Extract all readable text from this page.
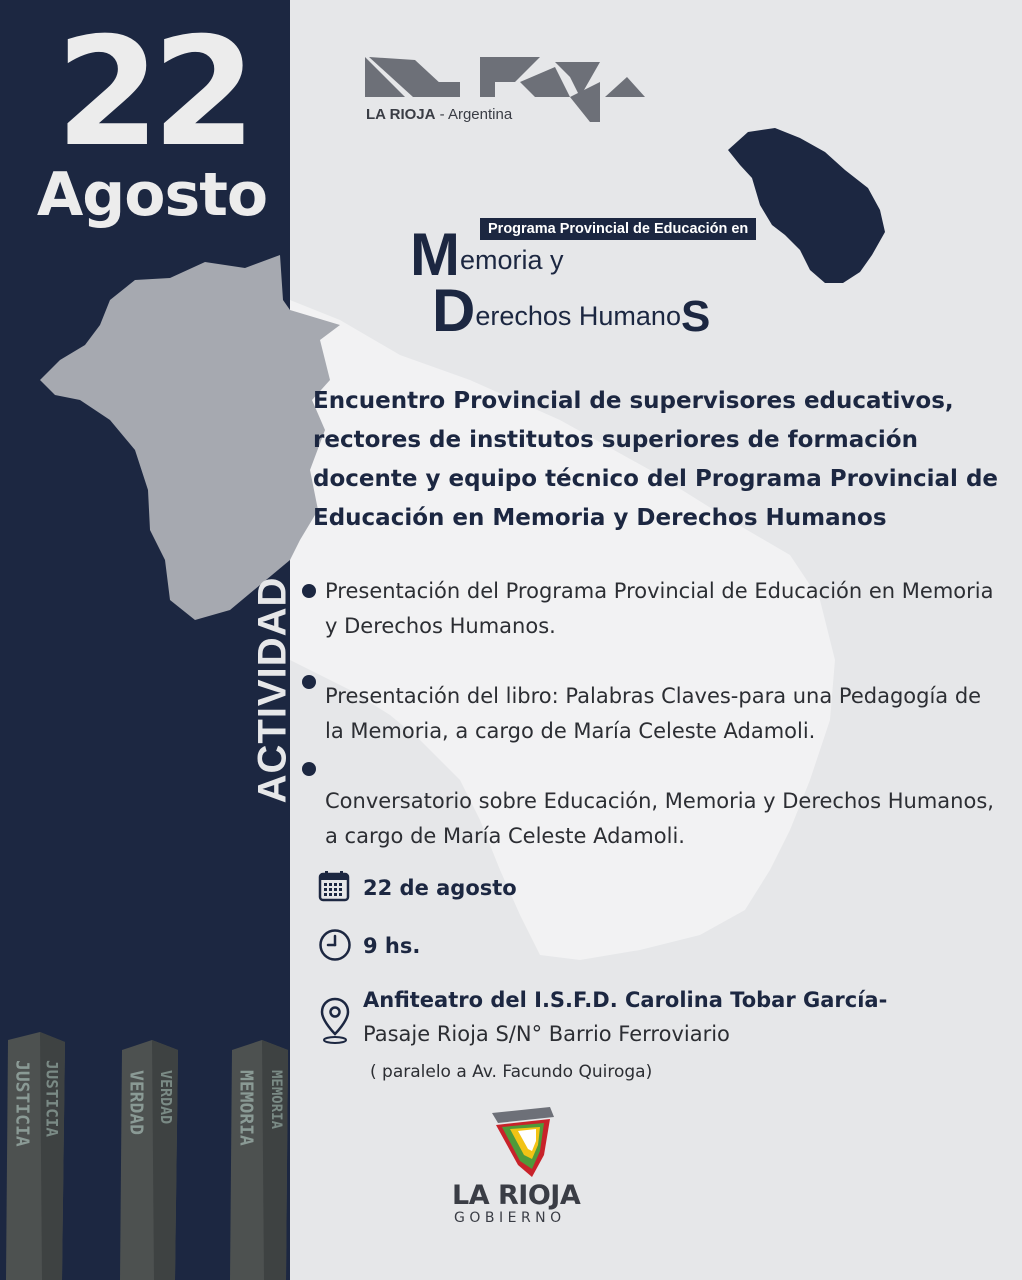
22
Agosto
ACTIVIDAD
JUSTICIA JUSTICIA	VERDAD VERDAD	MEMORIA MEMORIA
LA RIOJA - Argentina
Programa Provincial de Educación en
Memoria y
Derechos HumanoS
Encuentro Provincial de supervisores educativos, rectores de institutos superiores de formación docente y equipo técnico del Programa Provincial de Educación en Memoria y Derechos Humanos
Presentación del Programa Provincial de Educación en Memoria y Derechos Humanos.
Presentación del libro: Palabras Claves-para una Pedagogía de la Memoria, a cargo de María Celeste Adamoli.
Conversatorio sobre Educación, Memoria y Derechos Humanos, a cargo de María Celeste Adamoli.
22 de agosto
9 hs.
Anfiteatro del I.S.F.D. Carolina Tobar García-
Pasaje Rioja S/N° Barrio Ferroviario
( paralelo a Av. Facundo Quiroga)
LA RIOJA
GOBIERNO
